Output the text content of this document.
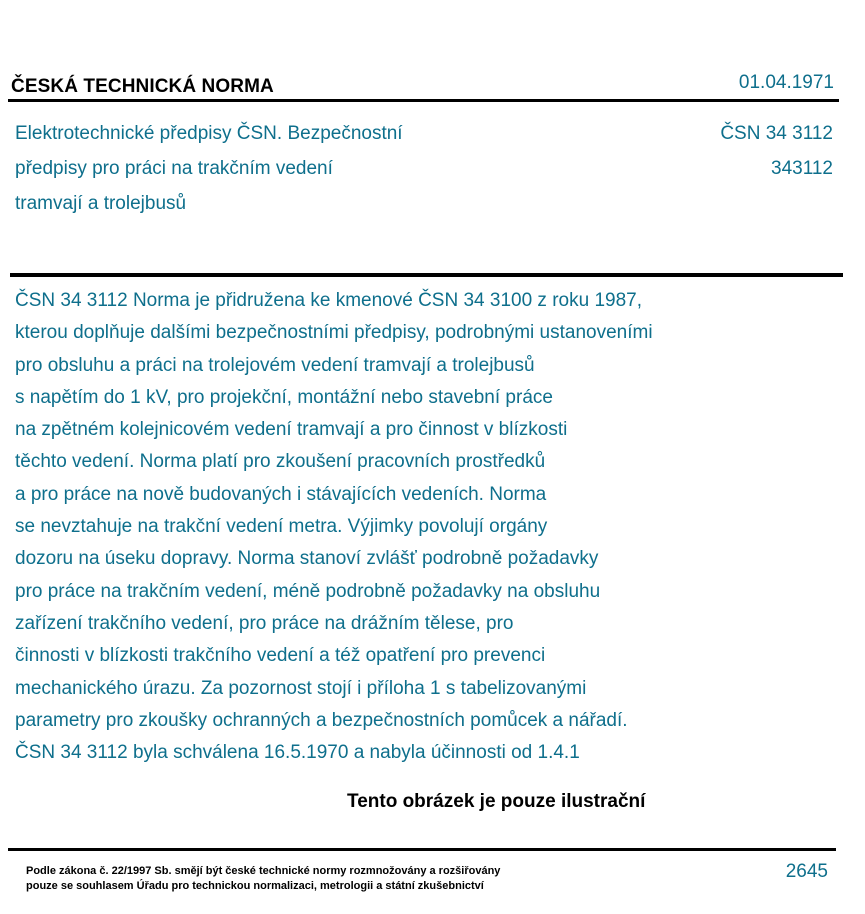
ČESKÁ TECHNICKÁ NORMA	01.04.1971
Elektrotechnické předpisy ČSN. Bezpečnostní
předpisy pro práci na trakčním vedení
tramvají a trolejbusů
ČSN 34 3112
343112
ČSN 34 3112 Norma je přidružena ke kmenové ČSN 34 3100 z roku 1987,
kterou doplňuje dalšími bezpečnostními předpisy, podrobnými ustanoveními
pro obsluhu a práci na trolejovém vedení tramvají a trolejbusů
s napětím do 1 kV, pro projekční, montážní nebo stavební práce
na zpětném kolejnicovém vedení tramvají a pro činnost v blízkosti
těchto vedení. Norma platí pro zkoušení pracovních prostředků
a pro práce na nově budovaných i stávajících vedeních. Norma
se nevztahuje na trakční vedení metra. Výjimky povolují orgány
dozoru na úseku dopravy. Norma stanoví zvlášť podrobně požadavky
pro práce na trakčním vedení, méně podrobně požadavky na obsluhu
zařízení trakčního vedení, pro práce na drážním tělese, pro
činnosti v blízkosti trakčního vedení a též opatření pro prevenci
mechanického úrazu. Za pozornost stojí i příloha 1 s tabelizovanými
parametry pro zkoušky ochranných a bezpečnostních pomůcek a nářadí.
ČSN 34 3112 byla schválena 16.5.1970 a nabyla účinnosti od 1.4.1
Tento obrázek je pouze ilustrační
Podle zákona č. 22/1997 Sb. smějí být české technické normy rozmnožovány a rozšiřovány
pouze se souhlasem Úřadu pro technickou normalizaci, metrologii a státní zkušebnictví
2645
